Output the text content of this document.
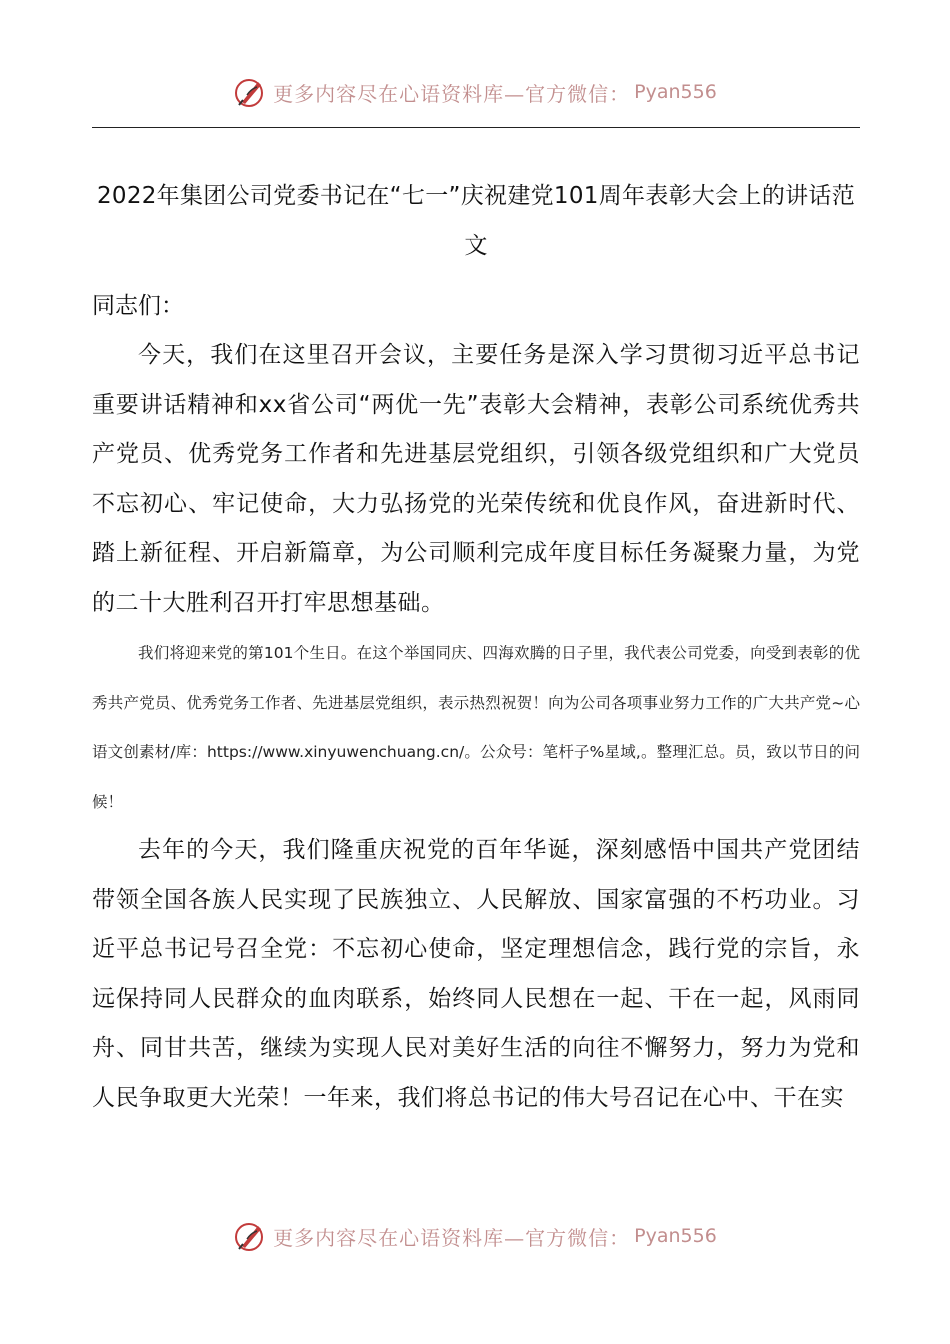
更多内容尽在心语资料库—官方微信： Pyan556
2022年集团公司党委书记在“七一”庆祝建党101周年表彰大会上的讲话范文
同志们：
今天，我们在这里召开会议，主要任务是深入学习贯彻习近平总书记重要讲话精神和xx省公司“两优一先”表彰大会精神，表彰公司系统优秀共产党员、优秀党务工作者和先进基层党组织，引领各级党组织和广大党员不忘初心、牢记使命，大力弘扬党的光荣传统和优良作风，奋进新时代、踏上新征程、开启新篇章，为公司顺利完成年度目标任务凝聚力量，为党的二十大胜利召开打牢思想基础。
我们将迎来党的第101个生日。在这个举国同庆、四海欢腾的日子里，我代表公司党委，向受到表彰的优秀共产党员、优秀党务工作者、先进基层党组织，表示热烈祝贺！向为公司各项事业努力工作的广大共产党~心语文创素材/库：https://www.xinyuwenchuang.cn/。公众号：笔杆子%星域,。整理汇总。员，致以节日的问候！
去年的今天，我们隆重庆祝党的百年华诞，深刻感悟中国共产党团结带领全国各族人民实现了民族独立、人民解放、国家富强的不朽功业。习近平总书记号召全党：不忘初心使命，坚定理想信念，践行党的宗旨，永远保持同人民群众的血肉联系，始终同人民想在一起、干在一起，风雨同舟、同甘共苦，继续为实现人民对美好生活的向往不懈努力，努力为党和人民争取更大光荣！一年来，我们将总书记的伟大号召记在心中、干在实
更多内容尽在心语资料库—官方微信： Pyan556
